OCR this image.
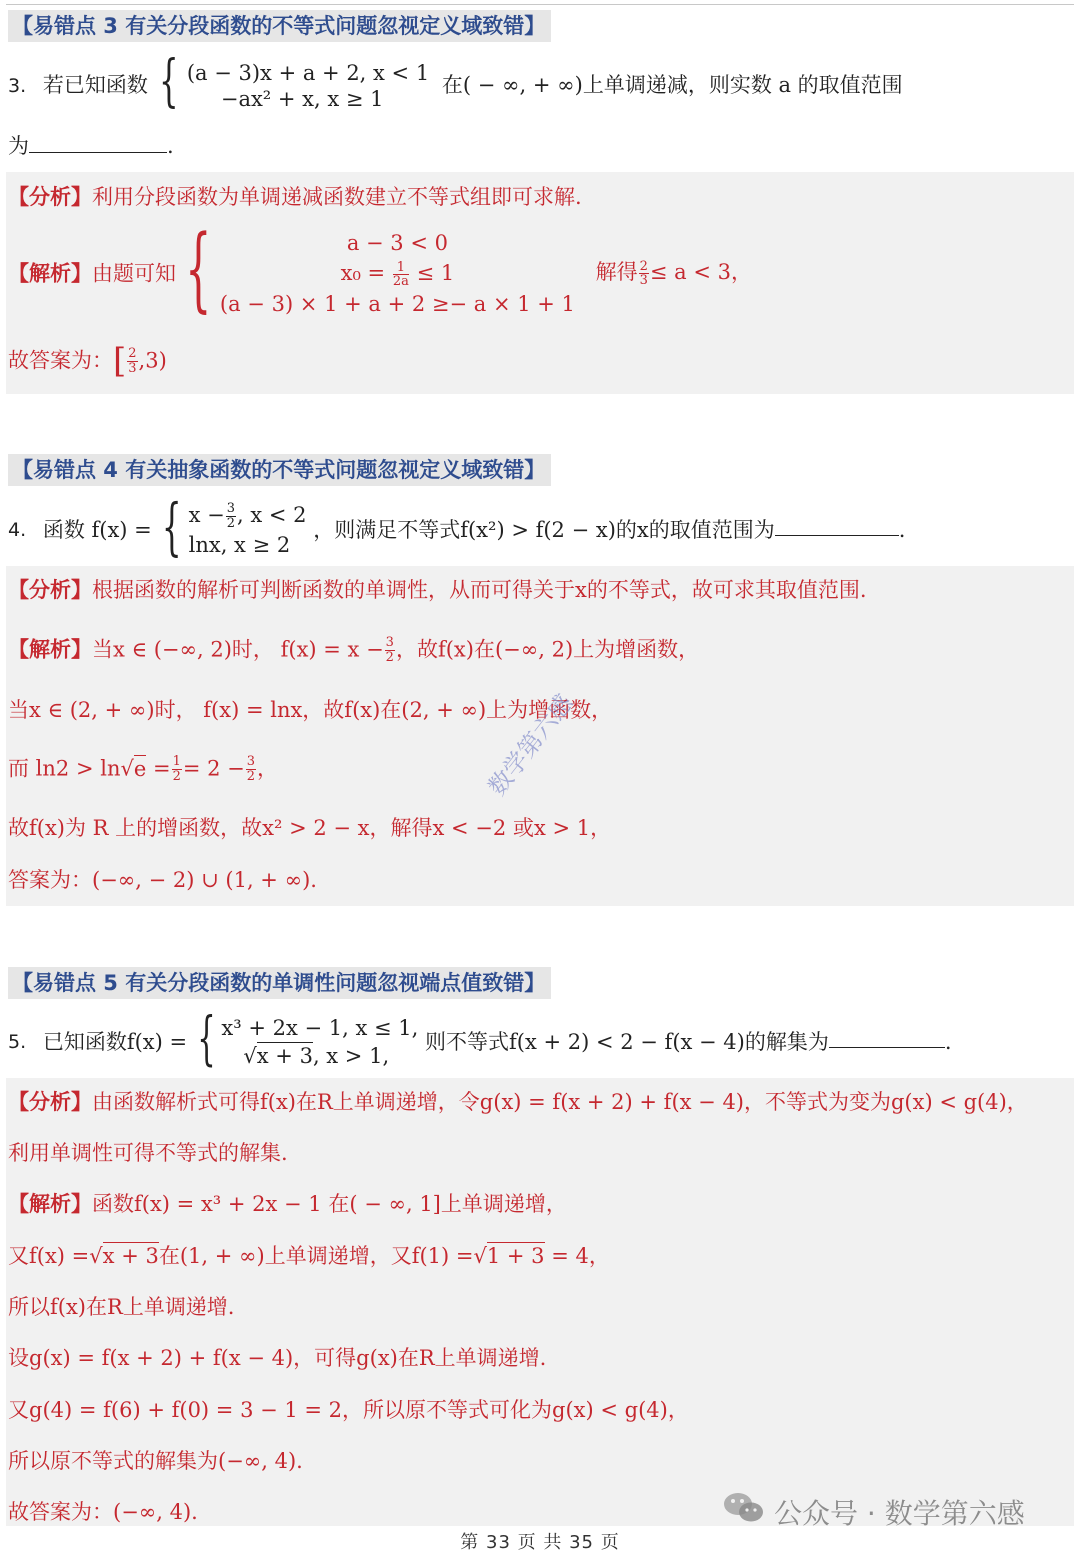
【易错点 3 有关分段函数的不等式问题忽视定义域致错】
3. 若已知函数 { (a − 3)x + a + 2, x < 1
−ax² + x, x ≥ 1
在( − ∞, + ∞)上单调递减，则实数 a 的取值范围
为	.
【分析】利用分段函数为单调递减函数建立不等式组即可求解.
【解析】由题可知 {	a − 3 < 0
$x_0 = \frac{1}{2a} \le 1$
(a − 3) × 1 + a + 2 ≥− a × 1 + 1
解得 $\frac{2}{3} \le a < 3$，
故答案为：[ $\frac{2}{3} ,3$)
【易错点 4 有关抽象函数的不等式问题忽视定义域致错】
4. 函数 f(x) = { $x - \frac{3}{2}$ , x < 2
lnx, x ≥ 2
，则满足不等式f(x²) > f(2 − x)的x的取值范围为	.
【分析】根据函数的解析可判断函数的单调性，从而可得关于x的不等式，故可求其取值范围.
【解析】当x ∈ (−∞, 2)时， $f(x) = x - \frac{3}{2}$ ，故f(x)在(−∞, 2)上为增函数，
当x ∈ (2, + ∞)时， f(x) = lnx，故f(x)在(2, + ∞)上为增函数，
而 $\ln 2 > \ln√e = \frac{1}{2} = 2 - \frac{3}{2}$ ，
故f(x)为 R 上的增函数，故x² > 2 − x，解得x < −2 或x > 1，
答案为：(−∞, − 2) ∪ (1, + ∞).
数学第六感
【易错点 5 有关分段函数的单调性问题忽视端点值致错】
5. 已知函数f(x) = { x³ + 2x − 1, x ≤ 1,
√x + 3, x > 1,
则不等式f(x + 2) < 2 − f(x − 4)的解集为	.
【分析】由函数解析式可得f(x)在R上单调递增，令g(x) = f(x + 2) + f(x − 4)，不等式为变为g(x) < g(4)，
利用单调性可得不等式的解集.
【解析】函数f(x) = x³ + 2x − 1 在( − ∞, 1]上单调递增，
又f(x) =√x + 3在(1, + ∞)上单调递增，又f(1) =√1 + 3 = 4，
所以f(x)在R上单调递增.
设g(x) = f(x + 2) + f(x − 4)，可得g(x)在R上单调递增.
又g(4) = f(6) + f(0) = 3 − 1 = 2，所以原不等式可化为g(x) < g(4)，
所以原不等式的解集为(−∞, 4).
故答案为：(−∞, 4).	公众号 · 数学第六感
第 33 页 共 35 页
